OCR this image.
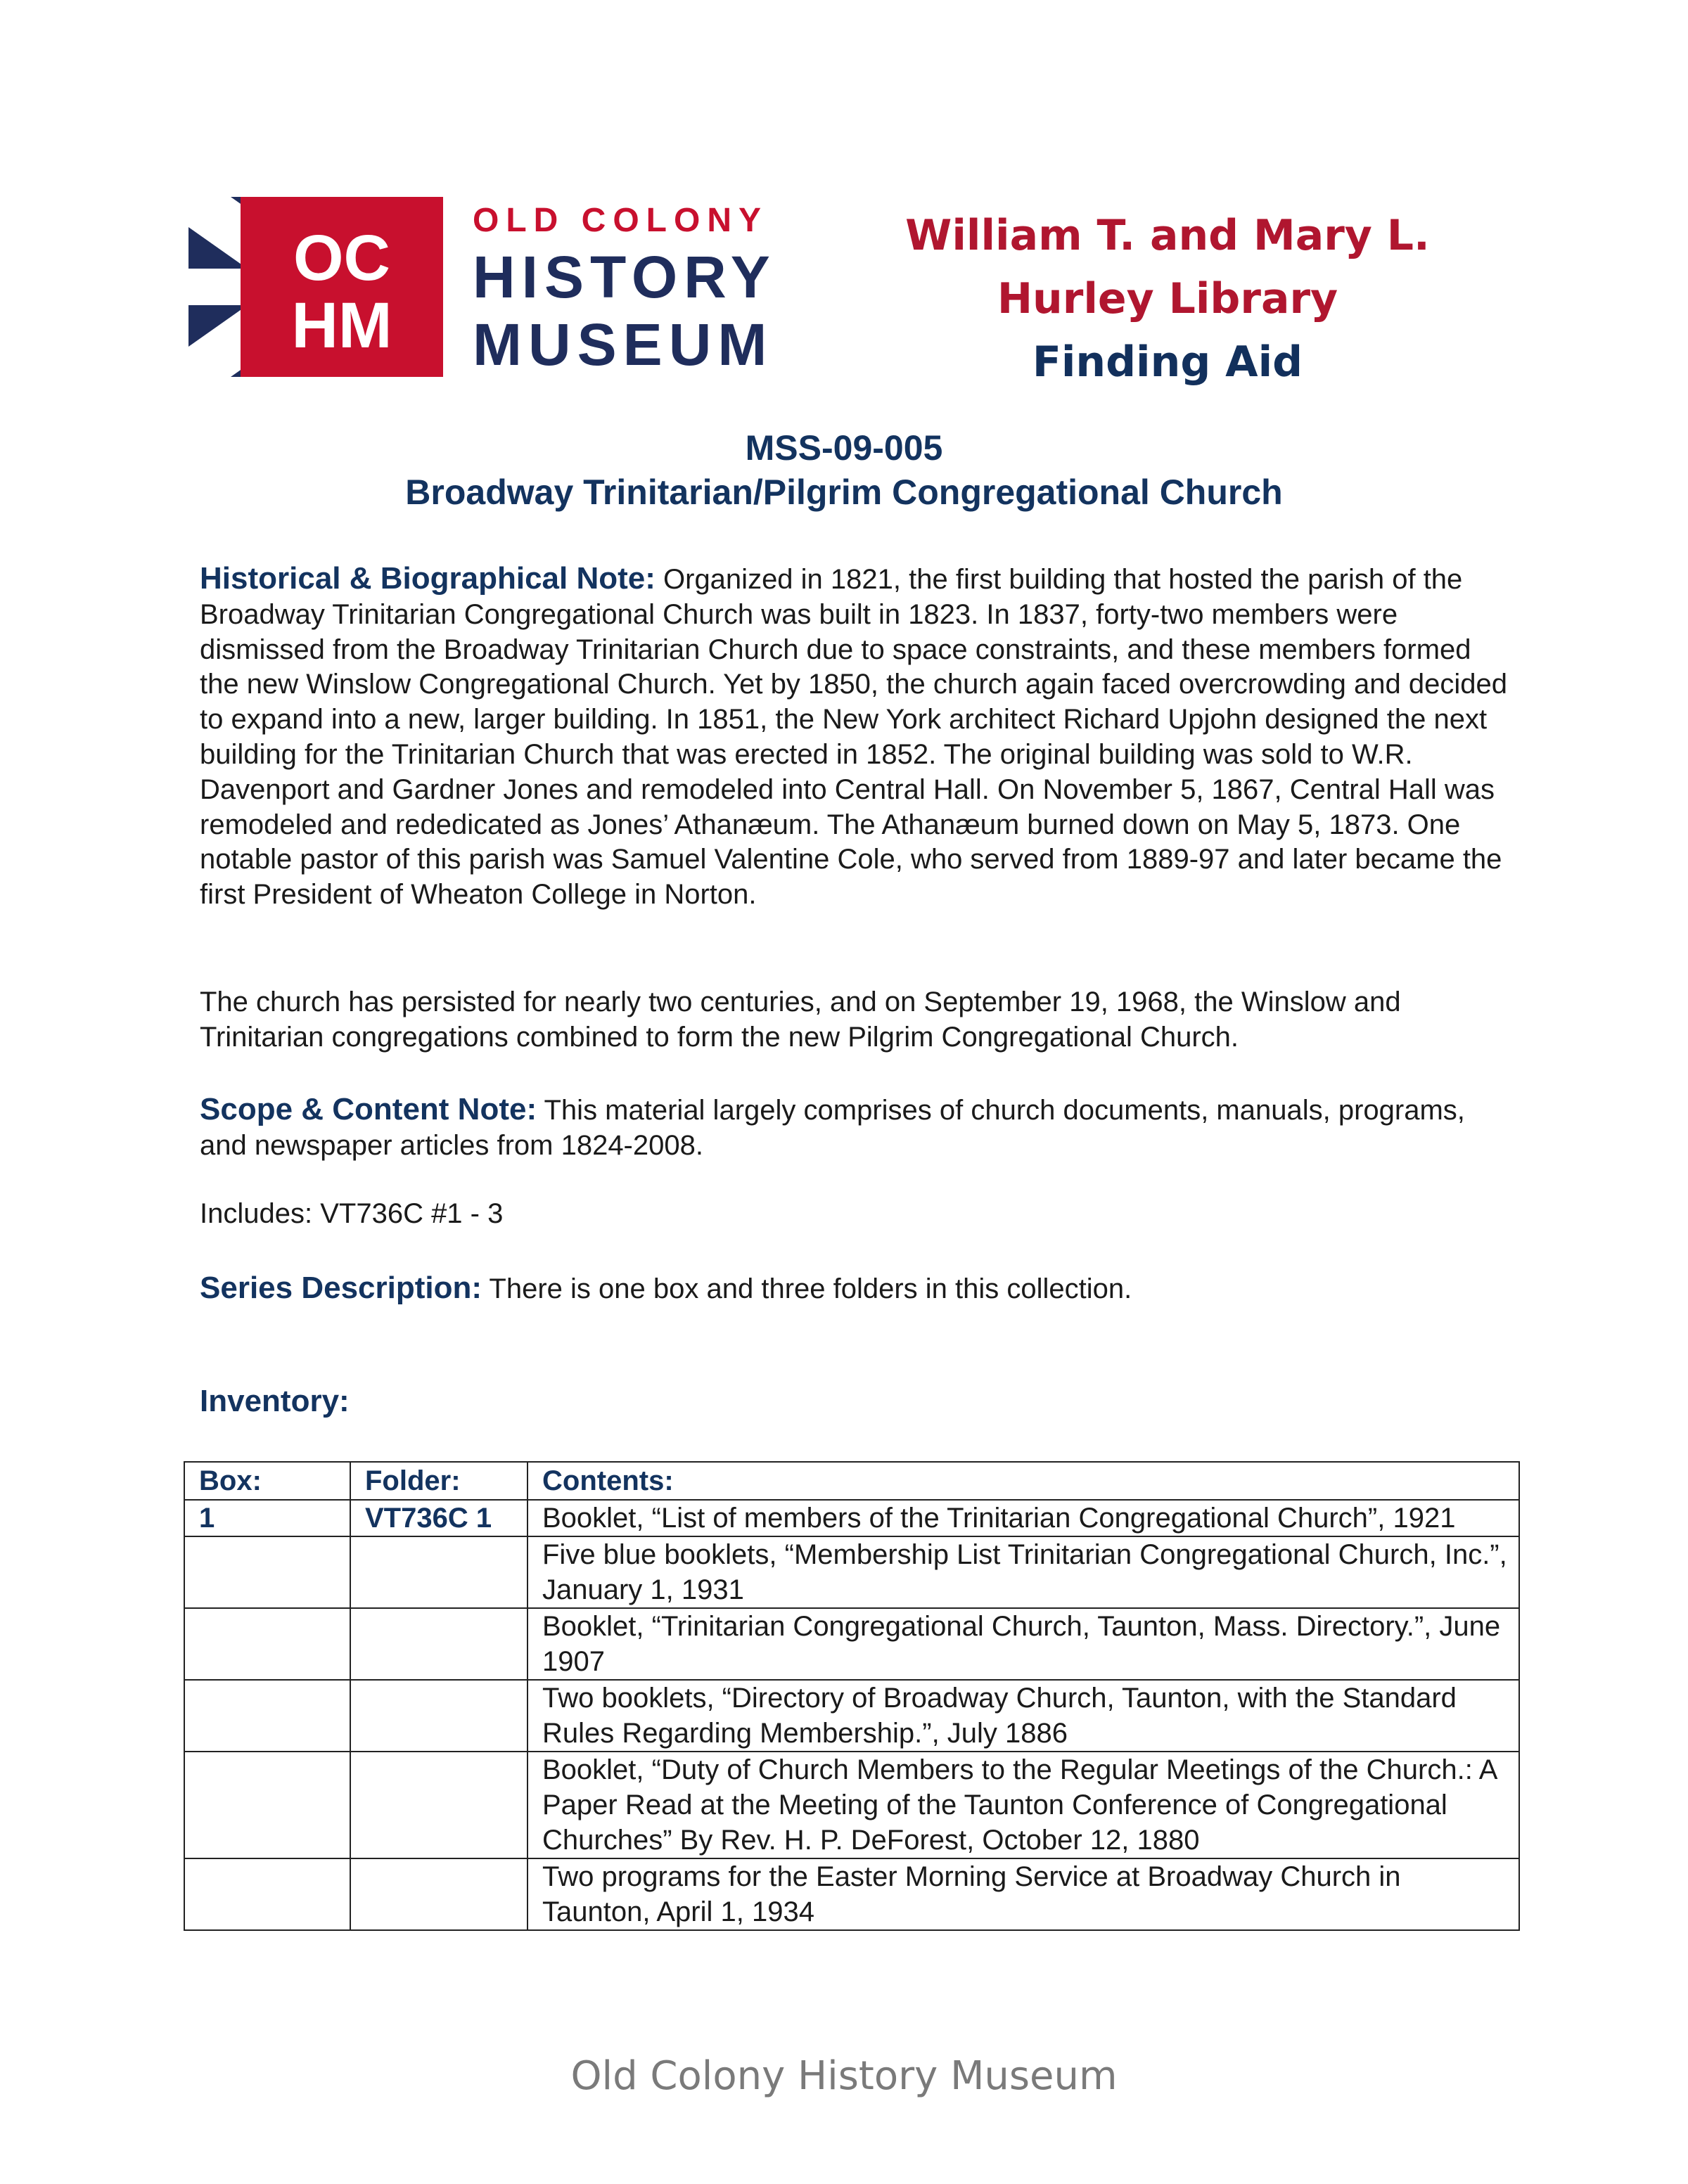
OC
HM
OLD COLONY
HISTORY
MUSEUM
William T. and Mary L.
Hurley Library
Finding Aid
MSS-09-005
Broadway Trinitarian/Pilgrim Congregational Church
Historical & Biographical Note: Organized in 1821, the first building that hosted the parish of the Broadway Trinitarian Congregational Church was built in 1823. In 1837, forty-two members were dismissed from the Broadway Trinitarian Church due to space constraints, and these members formed the new Winslow Congregational Church. Yet by 1850, the church again faced overcrowding and decided to expand into a new, larger building. In 1851, the New York architect Richard Upjohn designed the next building for the Trinitarian Church that was erected in 1852. The original building was sold to W.R. Davenport and Gardner Jones and remodeled into Central Hall. On November 5, 1867, Central Hall was remodeled and rededicated as Jones’ Athanæum. The Athanæum burned down on May 5, 1873. One notable pastor of this parish was Samuel Valentine Cole, who served from 1889-97 and later became the first President of Wheaton College in Norton.
The church has persisted for nearly two centuries, and on September 19, 1968, the Winslow and Trinitarian congregations combined to form the new Pilgrim Congregational Church.
Scope & Content Note: This material largely comprises of church documents, manuals, programs, and newspaper articles from 1824-2008.
Includes: VT736C #1 - 3
Series Description: There is one box and three folders in this collection.
Inventory:
Box:	Folder:	Contents:
1	VT736C 1	Booklet, “List of members of the Trinitarian Congregational Church”, 1921
		Five blue booklets, “Membership List Trinitarian Congregational Church, Inc.”, January 1, 1931
		Booklet, “Trinitarian Congregational Church, Taunton, Mass. Directory.”, June 1907
		Two booklets, “Directory of Broadway Church, Taunton, with the Standard Rules Regarding Membership.”, July 1886
		Booklet, “Duty of Church Members to the Regular Meetings of the Church.: A Paper Read at the Meeting of the Taunton Conference of Congregational Churches” By Rev. H. P. DeForest, October 12, 1880
		Two programs for the Easter Morning Service at Broadway Church in Taunton, April 1, 1934
Old Colony History Museum
